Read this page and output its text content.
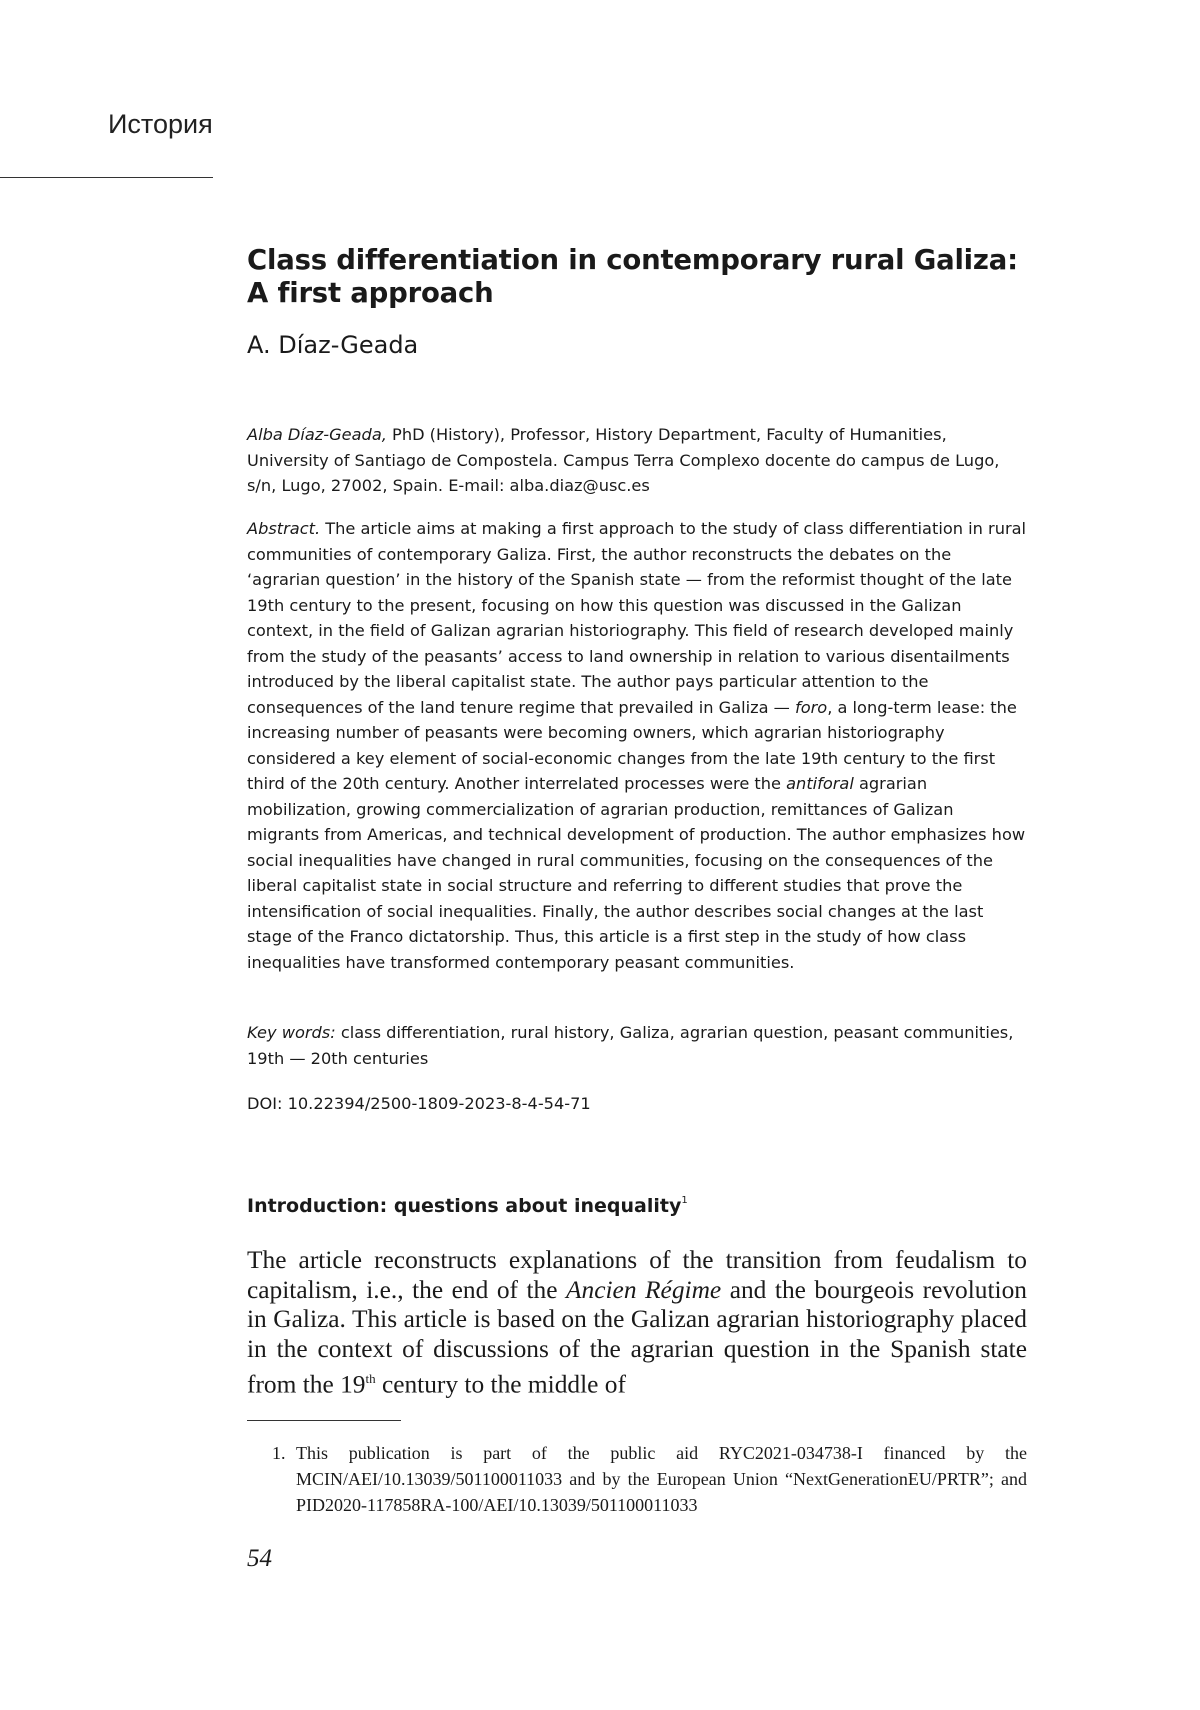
История
Class differentiation in contemporary rural Galiza:
A first approach
A. Díaz-Geada

Alba Díaz-Geada, PhD (History), Professor, History Department, Faculty of Humanities, University of Santiago de Compostela. Campus Terra Complexo docente do campus de Lugo, s/n, Lugo, 27002, Spain. E-mail: alba.diaz@usc.es

Abstract. The article aims at making a first approach to the study of class differentiation in rural communities of contemporary Galiza. First, the author reconstructs the debates on the ‘agrarian question’ in the history of the Spanish state — from the reformist thought of the late 19th century to the present, focusing on how this question was discussed in the Galizan context, in the field of Galizan agrarian historiography. This field of research developed mainly from the study of the peasants’ access to land ownership in relation to various disentailments introduced by the liberal capitalist state. The author pays particular attention to the consequences of the land tenure regime that prevailed in Galiza — foro, a long-term lease: the increasing number of peasants were becoming owners, which agrarian historiography considered a key element of social-economic changes from the late 19th century to the first third of the 20th century. Another interrelated processes were the antiforal agrarian mobilization, growing commercialization of agrarian production, remittances of Galizan migrants from Americas, and technical development of production. The author emphasizes how social inequalities have changed in rural communities, focusing on the consequences of the liberal capitalist state in social structure and referring to different studies that prove the intensification of social inequalities. Finally, the author describes social changes at the last stage of the Franco dictatorship. Thus, this article is a first step in the study of how class inequalities have transformed contemporary peasant communities.

Key words: class differentiation, rural history, Galiza, agrarian question, peasant communities, 19th — 20th centuries

DOI: 10.22394/2500-1809-2023-8-4-54-71
Introduction: questions about inequality$^1$

The article reconstructs explanations of the transition from feudalism to capitalism, i.e., the end of the Ancien Régime and the bourgeois revolution in Galiza. This article is based on the Galizan agrarian historiography placed in the context of discussions of the agrarian question in the Spanish state from the 19th century to the middle of

1. This publication is part of the public aid RYC2021-034738-I financed by the MCIN/AEI/10.13039/501100011033 and by the European Union “NextGenerationEU/PRTR”; and PID2020-117858RA-100/AEI/10.13039/501100011033
54
